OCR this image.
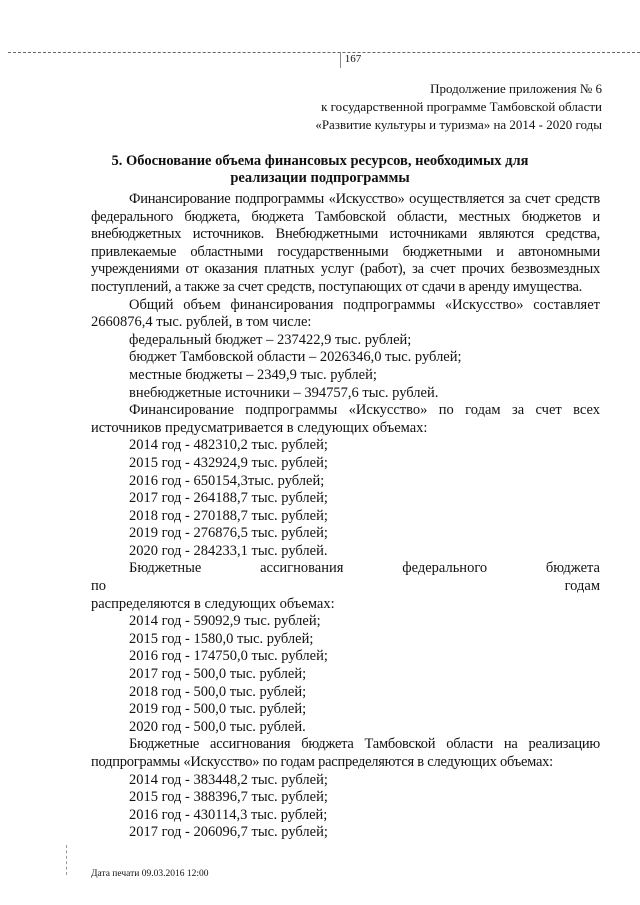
167
Продолжение приложения № 6
к государственной программе Тамбовской области
«Развитие культуры и туризма» на 2014 - 2020 годы
5. Обоснование объема финансовых ресурсов, необходимых для
реализации подпрограммы

Финансирование подпрограммы «Искусство» осуществляется за счет средств федерального бюджета, бюджета Тамбовской области, местных бюджетов и внебюджетных источников. Внебюджетными источниками являются средства, привлекаемые областными государственными бюджетными и автономными учреждениями от оказания платных услуг (работ), за счет прочих безвозмездных поступлений, а также за счет средств, поступающих от сдачи в аренду имущества.

Общий объем финансирования подпрограммы «Искусство» составляет 2660876,4 тыс. рублей, в том числе:

федеральный бюджет – 237422,9 тыс. рублей;
бюджет Тамбовской области – 2026346,0 тыс. рублей;
местные бюджеты – 2349,9 тыс. рублей;
внебюджетные источники – 394757,6 тыс. рублей.

Финансирование подпрограммы «Искусство» по годам за счет всех источников предусматривается в следующих объемах:

2014 год - 482310,2 тыс. рублей;
2015 год - 432924,9 тыс. рублей;
2016 год - 650154,3тыс. рублей;
2017 год - 264188,7 тыс. рублей;
2018 год - 270188,7 тыс. рублей;
2019 год - 276876,5 тыс. рублей;
2020 год - 284233,1 тыс. рублей.

Бюджетные ассигнования федерального бюджета по годам

распределяются в следующих объемах:
2014 год - 59092,9 тыс. рублей;
2015 год - 1580,0 тыс. рублей;
2016 год - 174750,0 тыс. рублей;
2017 год - 500,0 тыс. рублей;
2018 год - 500,0 тыс. рублей;
2019 год - 500,0 тыс. рублей;
2020 год - 500,0 тыс. рублей.

Бюджетные ассигнования бюджета Тамбовской области на реализацию подпрограммы «Искусство» по годам распределяются в следующих объемах:

2014 год - 383448,2 тыс. рублей;
2015 год - 388396,7 тыс. рублей;
2016 год - 430114,3 тыс. рублей;
2017 год - 206096,7 тыс. рублей;
Дата печати 09.03.2016 12:00
